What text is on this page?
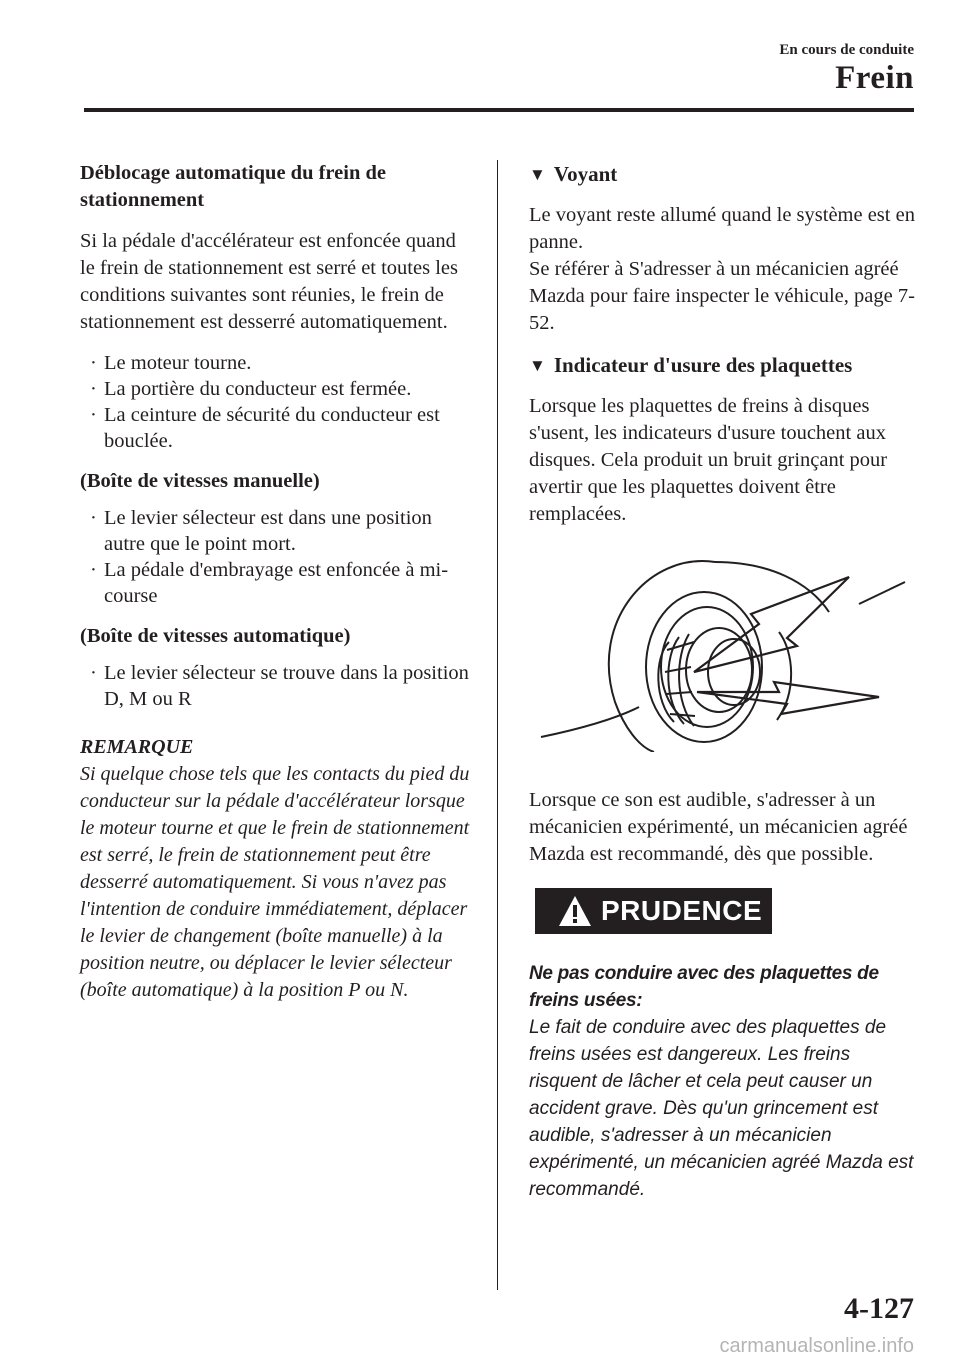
En cours de conduite
Frein

Déblocage automatique du frein de stationnement

Si la pédale d'accélérateur est enfoncée quand le frein de stationnement est serré et toutes les conditions suivantes sont réunies, le frein de stationnement est desserré automatiquement.

· Le moteur tourne.
· La portière du conducteur est fermée.
· La ceinture de sécurité du conducteur est bouclée.

(Boîte de vitesses manuelle)

· Le levier sélecteur est dans une position autre que le point mort.
· La pédale d'embrayage est enfoncée à mi-course

(Boîte de vitesses automatique)

· Le levier sélecteur se trouve dans la position D, M ou R
REMARQUE

Si quelque chose tels que les contacts du pied du conducteur sur la pédale d'accélérateur lorsque le moteur tourne et que le frein de stationnement est serré, le frein de stationnement peut être desserré automatiquement. Si vous n'avez pas l'intention de conduire immédiatement, déplacer le levier de changement (boîte manuelle) à la position neutre, ou déplacer le levier sélecteur (boîte automatique) à la position P ou N.

▼ Voyant

Le voyant reste allumé quand le système est en panne.

Se référer à S'adresser à un mécanicien agréé Mazda pour faire inspecter le véhicule, page 7-52.

▼ Indicateur d'usure des plaquettes

Lorsque les plaquettes de freins à disques s'usent, les indicateurs d'usure touchent aux disques. Cela produit un bruit grinçant pour avertir que les plaquettes doivent être remplacées.

Lorsque ce son est audible, s'adresser à un mécanicien expérimenté, un mécanicien agréé Mazda est recommandé, dès que possible.

PRUDENCE

Ne pas conduire avec des plaquettes de freins usées:

Le fait de conduire avec des plaquettes de freins usées est dangereux. Les freins risquent de lâcher et cela peut causer un accident grave. Dès qu'un grincement est audible, s'adresser à un mécanicien expérimenté, un mécanicien agréé Mazda est recommandé.

4-127
carmanualsonline.info
